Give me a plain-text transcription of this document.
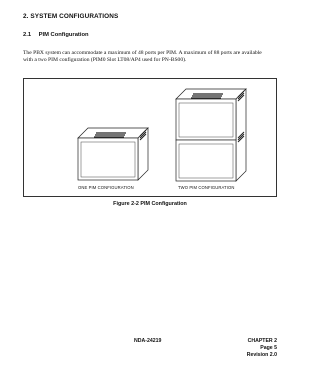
2. SYSTEM CONFIGURATIONS
2.1 PIM Configuration
The PBX system can accommodate a maximum of 48 ports per PIM. A maximum of 88 ports are available with a two PIM configuration (PIM0 Slot LT08/AP4 used for PN-BS00).
ONE PIM CONFIGURATION	TWO PIM CONFIGURATION
Figure 2-2 PIM Configuration
NDA-24219	CHAPTER 2
Page 5
Revision 2.0
